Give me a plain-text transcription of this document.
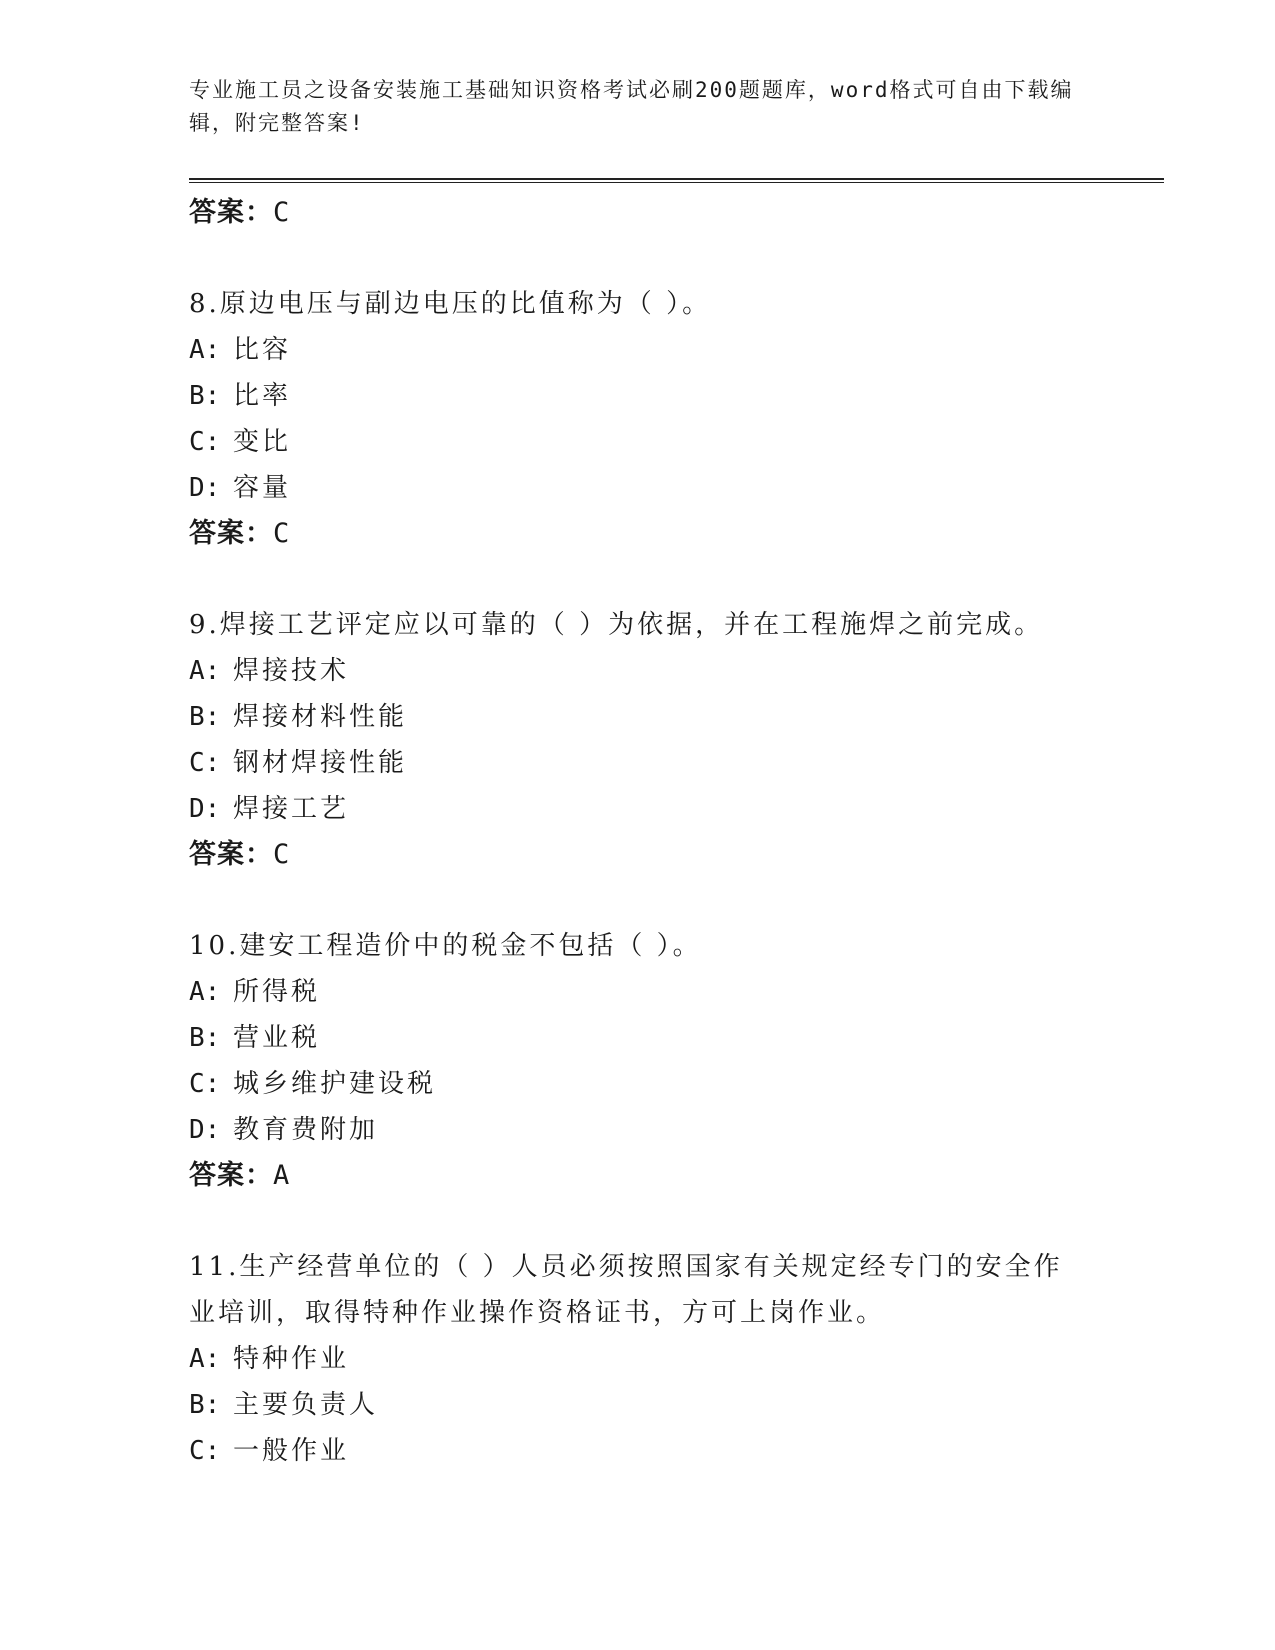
专业施工员之设备安装施工基础知识资格考试必刷200题题库，word格式可自由下载编辑，附完整答案!
答案：C
8.原边电压与副边电压的比值称为（ ）。
A: 比容
B: 比率
C: 变比
D: 容量
答案：C
9.焊接工艺评定应以可靠的（ ）为依据，并在工程施焊之前完成。
A: 焊接技术
B: 焊接材料性能
C: 钢材焊接性能
D: 焊接工艺
答案：C
10.建安工程造价中的税金不包括（ ）。
A: 所得税
B: 营业税
C: 城乡维护建设税
D: 教育费附加
答案：A
11.生产经营单位的（ ）人员必须按照国家有关规定经专门的安全作业培训，取得特种作业操作资格证书，方可上岗作业。
A: 特种作业
B: 主要负责人
C: 一般作业
